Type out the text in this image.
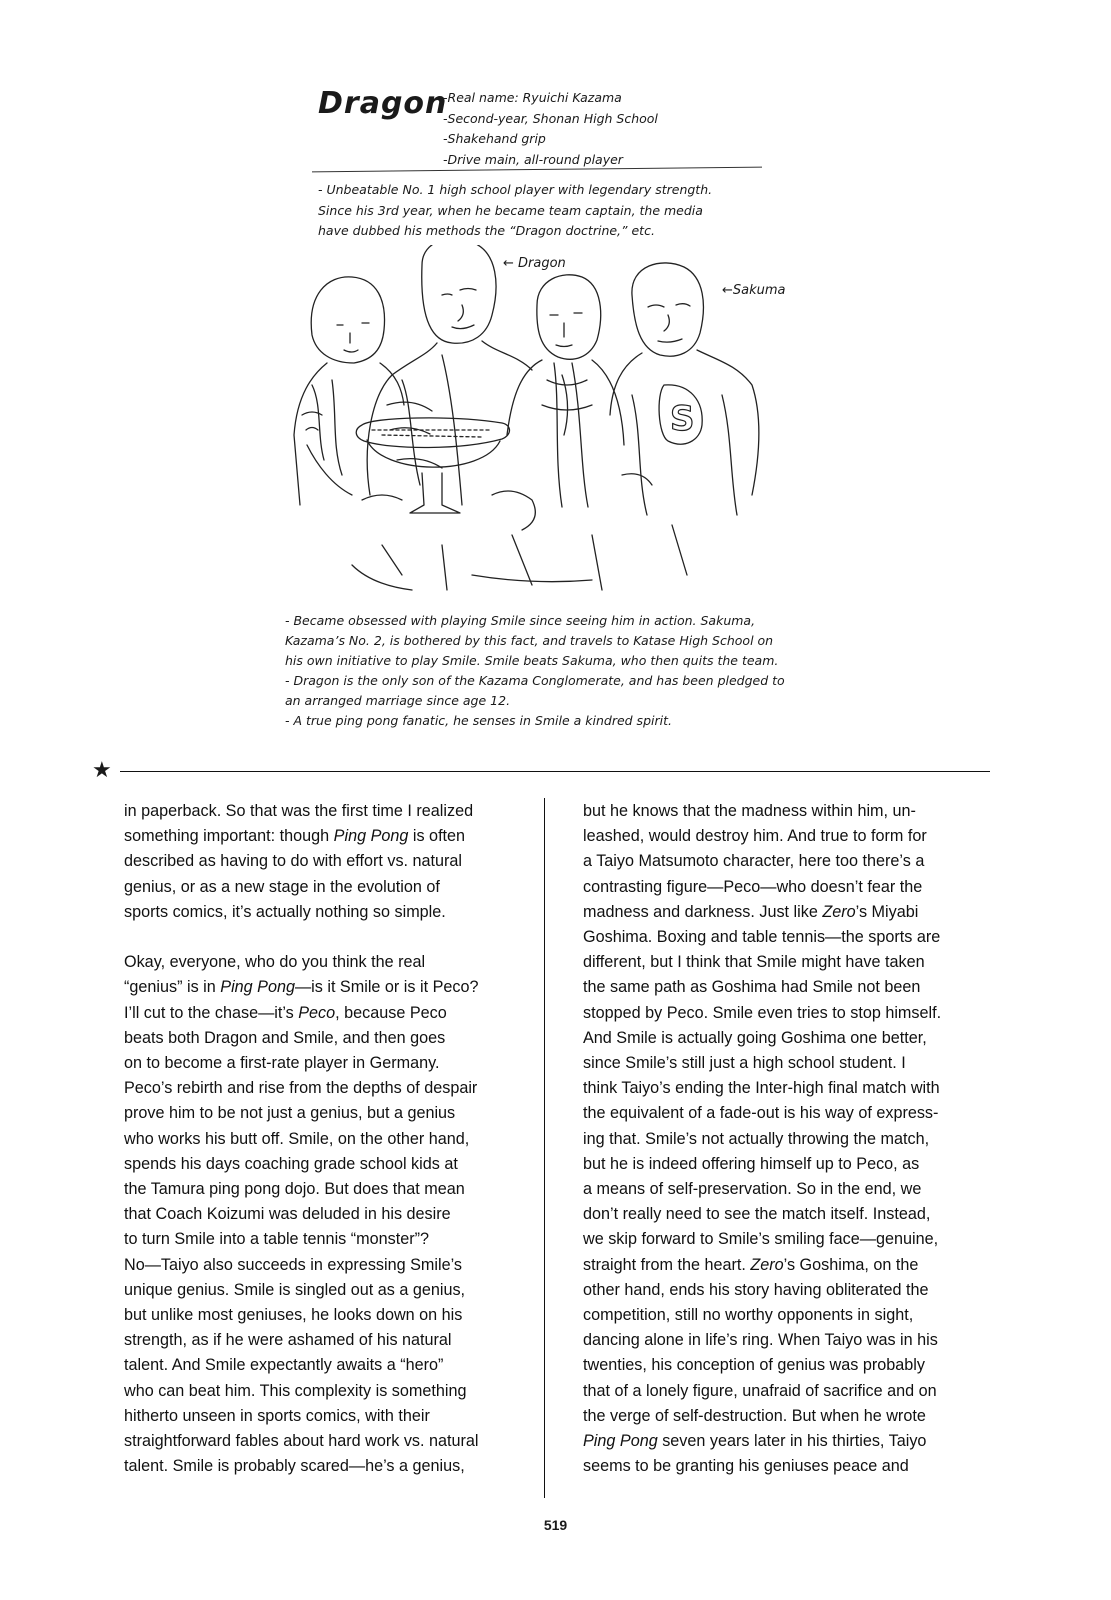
Dragon
-Real name: Ryuichi Kazama
-Second-year, Shonan High School
-Shakehand grip
-Drive main, all-round player
- Unbeatable No. 1 high school player with legendary strength.
Since his 3rd year, when he became team captain, the media
have dubbed his methods the “Dragon doctrine,” etc.
S
← Dragon
←Sakuma
- Became obsessed with playing Smile since seeing him in action. Sakuma,
Kazama’s No. 2, is bothered by this fact, and travels to Katase High School on
his own initiative to play Smile. Smile beats Sakuma, who then quits the team.
- Dragon is the only son of the Kazama Conglomerate, and has been pledged to
an arranged marriage since age 12.
- A true ping pong fanatic, he senses in Smile a kindred spirit.
★

in paperback. So that was the first time I realized
something important: though Ping Pong is often
described as having to do with effort vs. natural
genius, or as a new stage in the evolution of
sports comics, it’s actually nothing so simple.

Okay, everyone, who do you think the real
“genius” is in Ping Pong—is it Smile or is it Peco?
I’ll cut to the chase—it’s Peco, because Peco
beats both Dragon and Smile, and then goes
on to become a first-rate player in Germany.
Peco’s rebirth and rise from the depths of despair
prove him to be not just a genius, but a genius
who works his butt off. Smile, on the other hand,
spends his days coaching grade school kids at
the Tamura ping pong dojo. But does that mean
that Coach Koizumi was deluded in his desire
to turn Smile into a table tennis “monster”?
No—Taiyo also succeeds in expressing Smile’s
unique genius. Smile is singled out as a genius,
but unlike most geniuses, he looks down on his
strength, as if he were ashamed of his natural
talent. And Smile expectantly awaits a “hero”
who can beat him. This complexity is something
hitherto unseen in sports comics, with their
straightforward fables about hard work vs. natural
talent. Smile is probably scared—he’s a genius,

but he knows that the madness within him, un-
leashed, would destroy him. And true to form for
a Taiyo Matsumoto character, here too there’s a
contrasting figure—Peco—who doesn’t fear the
madness and darkness. Just like Zero’s Miyabi
Goshima. Boxing and table tennis—the sports are
different, but I think that Smile might have taken
the same path as Goshima had Smile not been
stopped by Peco. Smile even tries to stop himself.
And Smile is actually going Goshima one better,
since Smile’s still just a high school student. I
think Taiyo’s ending the Inter-high final match with
the equivalent of a fade-out is his way of express-
ing that. Smile’s not actually throwing the match,
but he is indeed offering himself up to Peco, as
a means of self-preservation. So in the end, we
don’t really need to see the match itself. Instead,
we skip forward to Smile’s smiling face—genuine,
straight from the heart. Zero’s Goshima, on the
other hand, ends his story having obliterated the
competition, still no worthy opponents in sight,
dancing alone in life’s ring. When Taiyo was in his
twenties, his conception of genius was probably
that of a lonely figure, unafraid of sacrifice and on
the verge of self-destruction. But when he wrote
Ping Pong seven years later in his thirties, Taiyo
seems to be granting his geniuses peace and

519
